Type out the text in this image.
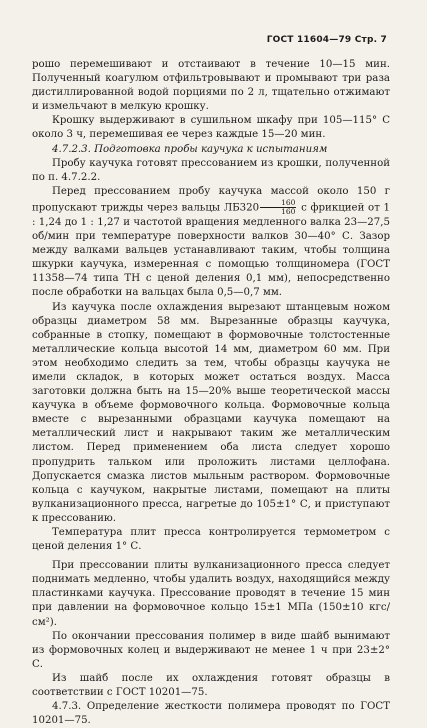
ГОСТ 11604—79 Стр. 7

рошо перемешивают и отстаивают в течение 10—15 мин. Полученный коагулюм отфильтровывают и промывают три раза дистиллированной водой порциями по 2 л, тщательно отжимают и измельчают в мелкую крошку.

Крошку выдерживают в сушильном шкафу при 105—115° С около 3 ч, перемешивая ее через каждые 15—20 мин.

4.7.2.3. Подготовка пробы каучука к испытаниям

Пробу каучука готовят прессованием из крошки, полученной по п. 4.7.2.2.

Перед прессованием пробу каучука массой около 150 г пропускают трижды через вальцы $ЛБ320 \frac{160}{160}$ с фрикцией от 1 : 1,24 до 1 : 1,27 и частотой вращения медленного валка 23—27,5 об/мин при температуре поверхности валков 30—40° С. Зазор между валками вальцев устанавливают таким, чтобы толщина шкурки каучука, измеренная с помощью толщиномера (ГОСТ 11358—74 типа ТН с ценой деления 0,1 мм), непосредственно после обработки на вальцах была 0,5—0,7 мм.

Из каучука после охлаждения вырезают штанцевым ножом образцы диаметром 58 мм. Вырезанные образцы каучука, собранные в стопку, помещают в формовочные толстостенные металлические кольца высотой 14 мм, диаметром 60 мм. При этом необходимо следить за тем, чтобы образцы каучука не имели складок, в которых может остаться воздух. Масса заготовки должна быть на 15—20% выше теоретической массы каучука в объеме формовочного кольца. Формовочные кольца вместе с вырезанными образцами каучука помещают на металлический лист и накрывают таким же металлическим листом. Перед применением оба листа следует хорошо пропудрить тальком или проложить листами целлофана. Допускается смазка листов мыльным раствором. Формовочные кольца с каучуком, накрытые листами, помещают на плиты вулканизационного пресса, нагретые до 105±1° С, и приступают к прессованию.

Температура плит пресса контролируется термометром с ценой деления 1° С.

При прессовании плиты вулканизационного пресса следует поднимать медленно, чтобы удалить воздух, находящийся между пластинками каучука. Прессование проводят в течение 15 мин при давлении на формовочное кольцо 15±1 МПа (150±10 кгс/см²).

По окончании прессования полимер в виде шайб вынимают из формовочных колец и выдерживают не менее 1 ч при 23±2° С.

Из шайб после их охлаждения готовят образцы в соответствии с ГОСТ 10201—75.

4.7.3. Определение жесткости полимера проводят по ГОСТ 10201—75.
